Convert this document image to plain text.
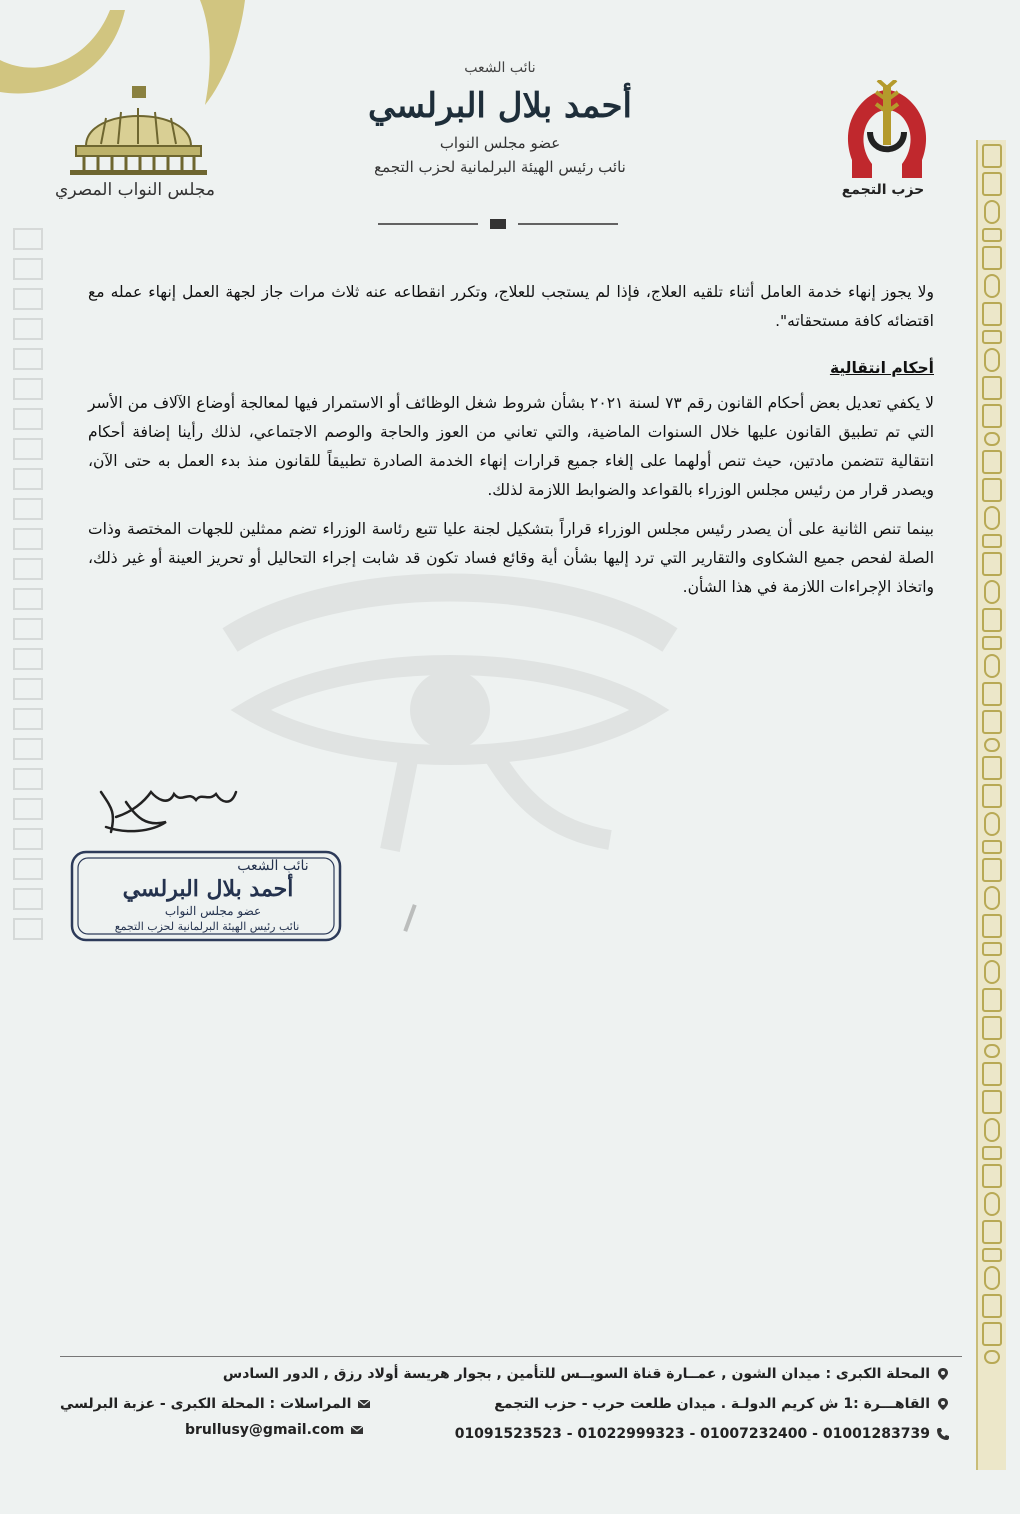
حزب التجمع
مجلس النواب المصري
نائب الشعب
أحمد بلال البرلسي
عضو مجلس النواب
نائب رئيس الهيئة البرلمانية لحزب التجمع

ولا يجوز إنهاء خدمة العامل أثناء تلقيه العلاج، فإذا لم يستجب للعلاج، وتكرر انقطاعه عنه ثلاث مرات جاز لجهة العمل إنهاء عمله مع اقتضائه كافة مستحقاته".

أحكام انتقالية

لا يكفي تعديل بعض أحكام القانون رقم ٧٣ لسنة ٢٠٢١ بشأن شروط شغل الوظائف أو الاستمرار فيها لمعالجة أوضاع الآلاف من الأسر التي تم تطبيق القانون عليها خلال السنوات الماضية، والتي تعاني من العوز والحاجة والوصم الاجتماعي، لذلك رأينا إضافة أحكام انتقالية تتضمن مادتين، حيث تنص أولهما على إلغاء جميع قرارات إنهاء الخدمة الصادرة تطبيقاً للقانون منذ بدء العمل به حتى الآن، ويصدر قرار من رئيس مجلس الوزراء بالقواعد والضوابط اللازمة لذلك.

بينما تنص الثانية على أن يصدر رئيس مجلس الوزراء قراراً بتشكيل لجنة عليا تتبع رئاسة الوزراء تضم ممثلين للجهات المختصة وذات الصلة لفحص جميع الشكاوى والتقارير التي ترد إليها بشأن أية وقائع فساد تكون قد شابت إجراء التحاليل أو تحريز العينة أو غير ذلك، واتخاذ الإجراءات اللازمة في هذا الشأن.

نائب الشعب
أحمد بلال البرلسي
عضو مجلس النواب
نائب رئيس الهيئة البرلمانية لحزب التجمع
المحلة الكبرى : ميدان الشون , عمــارة قناة السويــس للتأمين , بجوار هريسة أولاد رزق , الدور السادس
القاهـــرة :1 ش كريم الدولـة . ميدان طلعت حرب - حزب التجمع
المراسلات : المحلة الكبرى - عزبة البرلسي
01091523523 - 01022999323 - 01007232400 - 01001283739
brullusy@gmail.com
